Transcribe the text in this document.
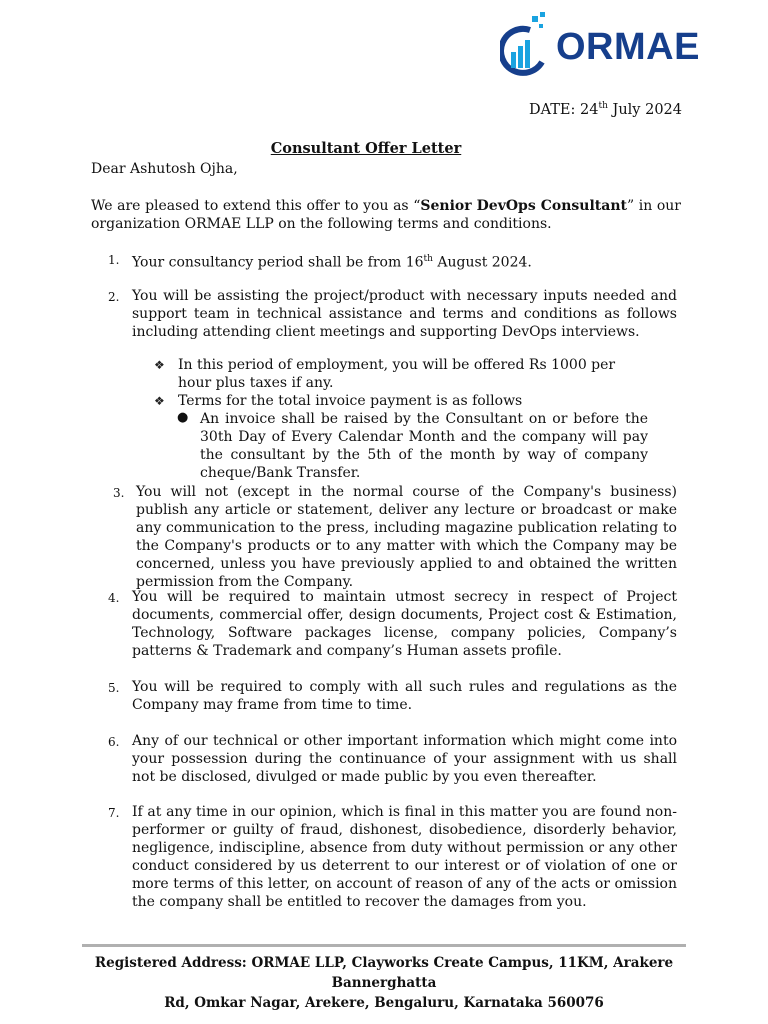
ORMAE
DATE: 24th July 2024
Consultant Offer Letter
Dear Ashutosh Ojha,
We are pleased to extend this offer to you as “Senior DevOps Consultant” in our organization ORMAE LLP on the following terms and conditions.
1. Your consultancy period shall be from 16th August 2024.
2. You will be assisting the project/product with necessary inputs needed and support team in technical assistance and terms and conditions as follows including attending client meetings and supporting DevOps interviews.
❖ In this period of employment, you will be offered Rs 1000 per hour plus taxes if any.
❖ Terms for the total invoice payment is as follows
● An invoice shall be raised by the Consultant on or before the 30th Day of Every Calendar Month and the company will pay the consultant by the 5th of the month by way of company cheque/Bank Transfer.
3. You will not (except in the normal course of the Company's business) publish any article or statement, deliver any lecture or broadcast or make any communication to the press, including magazine publication relating to the Company's products or to any matter with which the Company may be concerned, unless you have previously applied to and obtained the written permission from the Company.
4. You will be required to maintain utmost secrecy in respect of Project documents, commercial offer, design documents, Project cost & Estimation, Technology, Software packages license, company policies, Company’s patterns & Trademark and company’s Human assets profile.
5. You will be required to comply with all such rules and regulations as the Company may frame from time to time.
6. Any of our technical or other important information which might come into your possession during the continuance of your assignment with us shall not be disclosed, divulged or made public by you even thereafter.
7. If at any time in our opinion, which is final in this matter you are found non-performer or guilty of fraud, dishonest, disobedience, disorderly behavior, negligence, indiscipline, absence from duty without permission or any other conduct considered by us deterrent to our interest or of violation of one or more terms of this letter, on account of reason of any of the acts or omission the company shall be entitled to recover the damages from you.
Registered Address: ORMAE LLP, Clayworks Create Campus, 11KM, Arakere Bannerghatta
Rd, Omkar Nagar, Arekere, Bengaluru, Karnataka 560076
